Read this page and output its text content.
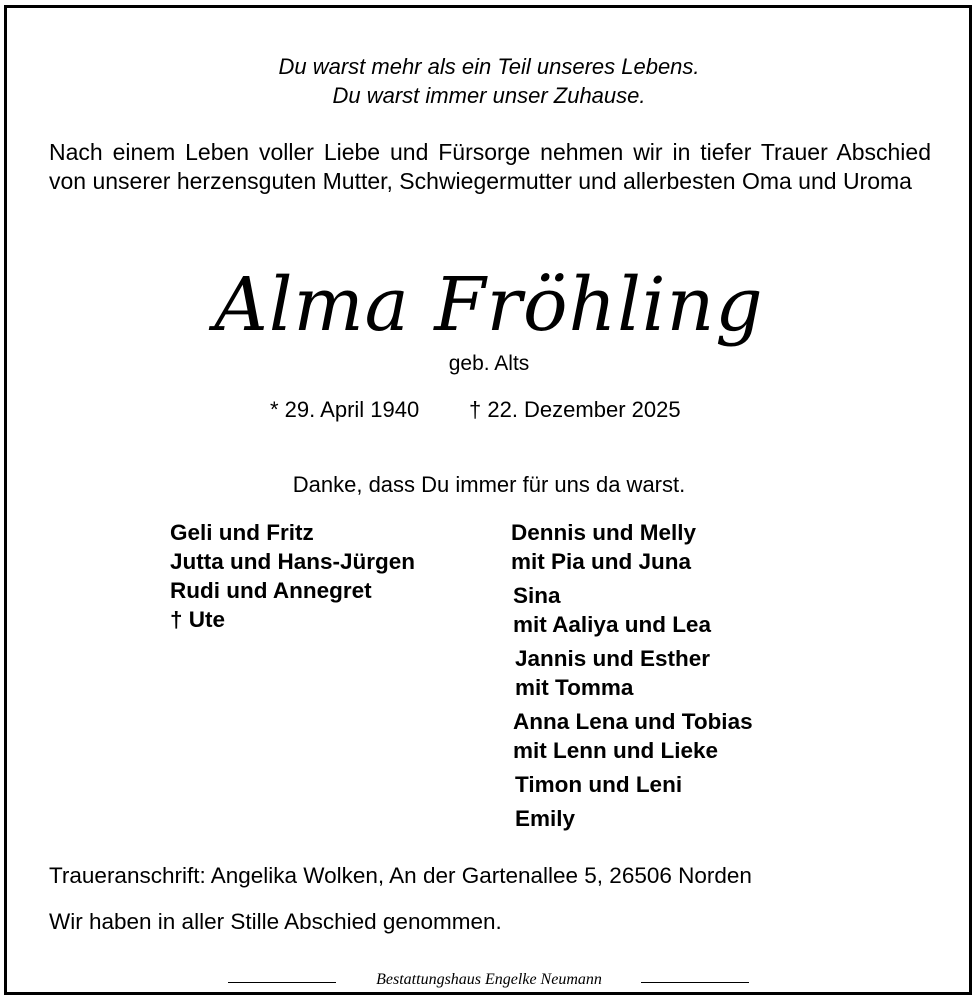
Du warst mehr als ein Teil unseres Lebens.
Du warst immer unser Zuhause.
Nach einem Leben voller Liebe und Fürsorge nehmen wir in tiefer Trauer Abschied von unserer herzensguten Mutter, Schwiegermutter und allerbesten Oma und Uroma
Alma Fröhling
geb. Alts
* 29. April 1940 † 22. Dezember 2025
Danke, dass Du immer für uns da warst.
Geli und Fritz
Jutta und Hans-Jürgen
Rudi und Annegret
† Ute
Dennis und Melly
mit Pia und Juna
Sina
mit Aaliya und Lea
Jannis und Esther
mit Tomma
Anna Lena und Tobias
mit Lenn und Lieke
Timon und Leni
Emily
Traueranschrift: Angelika Wolken, An der Gartenallee 5, 26506 Norden
Wir haben in aller Stille Abschied genommen.
Bestattungshaus Engelke Neumann
